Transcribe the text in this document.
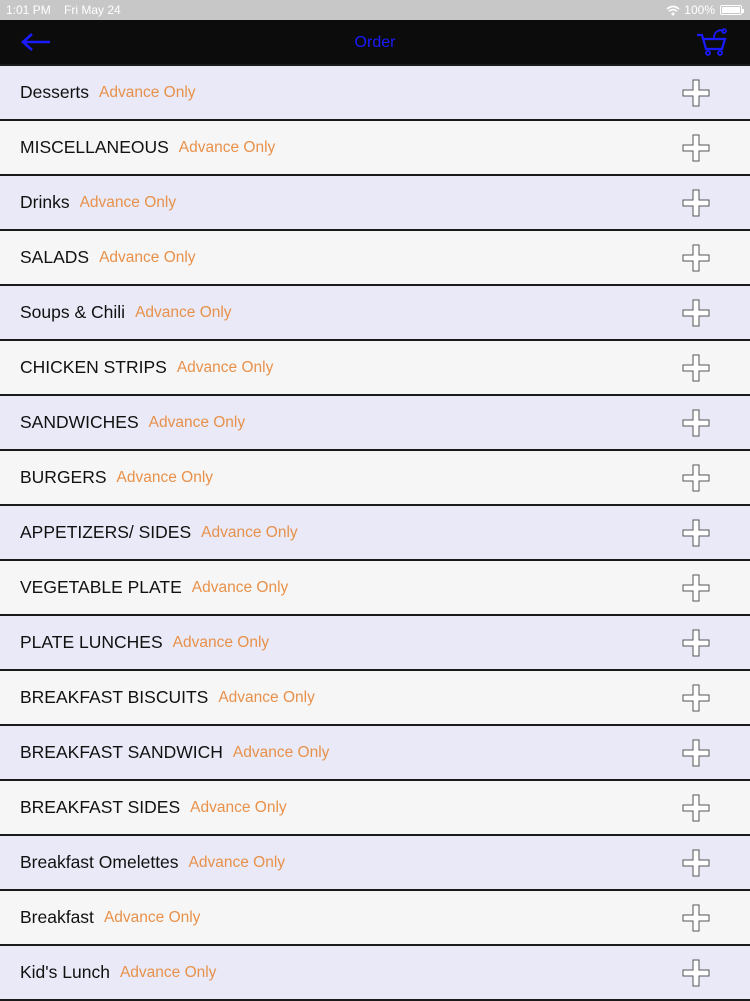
1:01 PM Fri May 24	100%
Order
Desserts Advance Only
MISCELLANEOUS Advance Only
Drinks Advance Only
SALADS Advance Only
Soups & Chili Advance Only
CHICKEN STRIPS Advance Only
SANDWICHES Advance Only
BURGERS Advance Only
APPETIZERS/ SIDES Advance Only
VEGETABLE PLATE Advance Only
PLATE LUNCHES Advance Only
BREAKFAST BISCUITS Advance Only
BREAKFAST SANDWICH Advance Only
BREAKFAST SIDES Advance Only
Breakfast Omelettes Advance Only
Breakfast Advance Only
Kid's Lunch Advance Only
